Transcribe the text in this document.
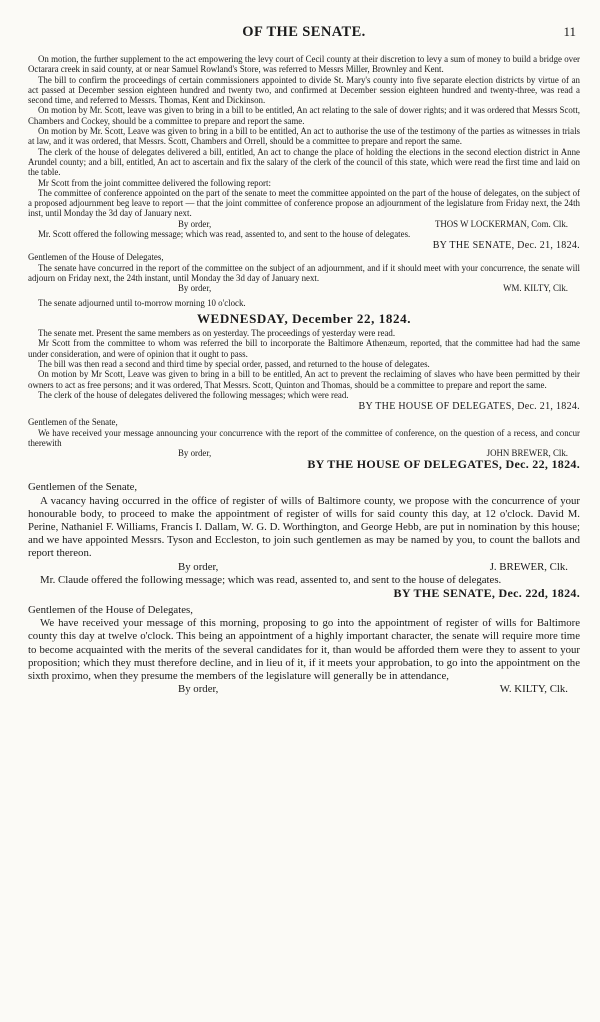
OF THE SENATE.	11

On motion, the further supplement to the act empowering the levy court of Cecil county at their discretion to levy a sum of money to build a bridge over Octarara creek in said county, at or near Samuel Rowland's Store, was referred to Messrs Miller, Brownley and Kent.

The bill to confirm the proceedings of certain commissioners appointed to divide St. Mary's county into five separate election districts by virtue of an act passed at December session eighteen hundred and twenty two, and confirmed at December session eighteen hundred and twenty-three, was read a second time, and referred to Messrs. Thomas, Kent and Dickinson.

On motion by Mr. Scott, leave was given to bring in a bill to be entitled, An act relating to the sale of dower rights; and it was ordered that Messrs Scott, Chambers and Cockey, should be a committee to prepare and report the same.

On motion by Mr. Scott, Leave was given to bring in a bill to be entitled, An act to authorise the use of the testimony of the parties as witnesses in trials at law, and it was ordered, that Messrs. Scott, Chambers and Orrell, should be a committee to prepare and report the same.

The clerk of the house of delegates delivered a bill, entitled, An act to change the place of holding the elections in the second election district in Anne Arundel county; and a bill, entitled, An act to ascertain and fix the salary of the clerk of the council of this state, which were read the first time and laid on the table.

Mr Scott from the joint committee delivered the following report:

The committee of conference appointed on the part of the senate to meet the committee appointed on the part of the house of delegates, on the subject of a proposed adjournment beg leave to report — that the joint committee of conference propose an adjournment of the legislature from Friday next, the 24th inst, until Monday the 3d day of January next.

By order,	THOS W LOCKERMAN, Com. Clk.

Mr. Scott offered the following message; which was read, assented to, and sent to the house of delegates.

BY THE SENATE, Dec. 21, 1824.

Gentlemen of the House of Delegates,

The senate have concurred in the report of the committee on the subject of an adjournment, and if it should meet with your concurrence, the senate will adjourn on Friday next, the 24th instant, until Monday the 3d day of January next.

By order,	WM. KILTY, Clk.

The senate adjourned until to-morrow morning 10 o'clock.

WEDNESDAY, December 22, 1824.

The senate met. Present the same members as on yesterday. The proceedings of yesterday were read.

Mr Scott from the committee to whom was referred the bill to incorporate the Baltimore Athenæum, reported, that the committee had had the same under consideration, and were of opinion that it ought to pass.

The bill was then read a second and third time by special order, passed, and returned to the house of delegates.

On motion by Mr Scott, Leave was given to bring in a bill to be entitled, An act to prevent the reclaiming of slaves who have been permitted by their owners to act as free persons; and it was ordered, That Messrs. Scott, Quinton and Thomas, should be a committee to prepare and report the same.

The clerk of the house of delegates delivered the following messages; which were read.

BY THE HOUSE OF DELEGATES, Dec. 21, 1824.

Gentlemen of the Senate,

We have received your message announcing your concurrence with the report of the committee of conference, on the question of a recess, and concur therewith

By order,	JOHN BREWER, Clk.
BY THE HOUSE OF DELEGATES, Dec. 22, 1824.

Gentlemen of the Senate,

A vacancy having occurred in the office of register of wills of Baltimore county, we propose with the concurrence of your honourable body, to proceed to make the appointment of register of wills for said county this day, at 12 o'clock. David M. Perine, Nathaniel F. Williams, Francis I. Dallam, W. G. D. Worthington, and George Hebb, are put in nomination by this house; and we have appointed Messrs. Tyson and Eccleston, to join such gentlemen as may be named by you, to count the ballots and report thereon.

By order,	J. BREWER, Clk.

Mr. Claude offered the following message; which was read, assented to, and sent to the house of delegates.

BY THE SENATE, Dec. 22d, 1824.

Gentlemen of the House of Delegates,

We have received your message of this morning, proposing to go into the appointment of register of wills for Baltimore county this day at twelve o'clock. This being an appointment of a highly important character, the senate will require more time to become acquainted with the merits of the several candidates for it, than would be afforded them were they to assent to your proposition; which they must therefore decline, and in lieu of it, if it meets your approbation, to go into the appointment on the sixth proximo, when they presume the members of the legislature will generally be in attendance,

By order,	W. KILTY, Clk.
